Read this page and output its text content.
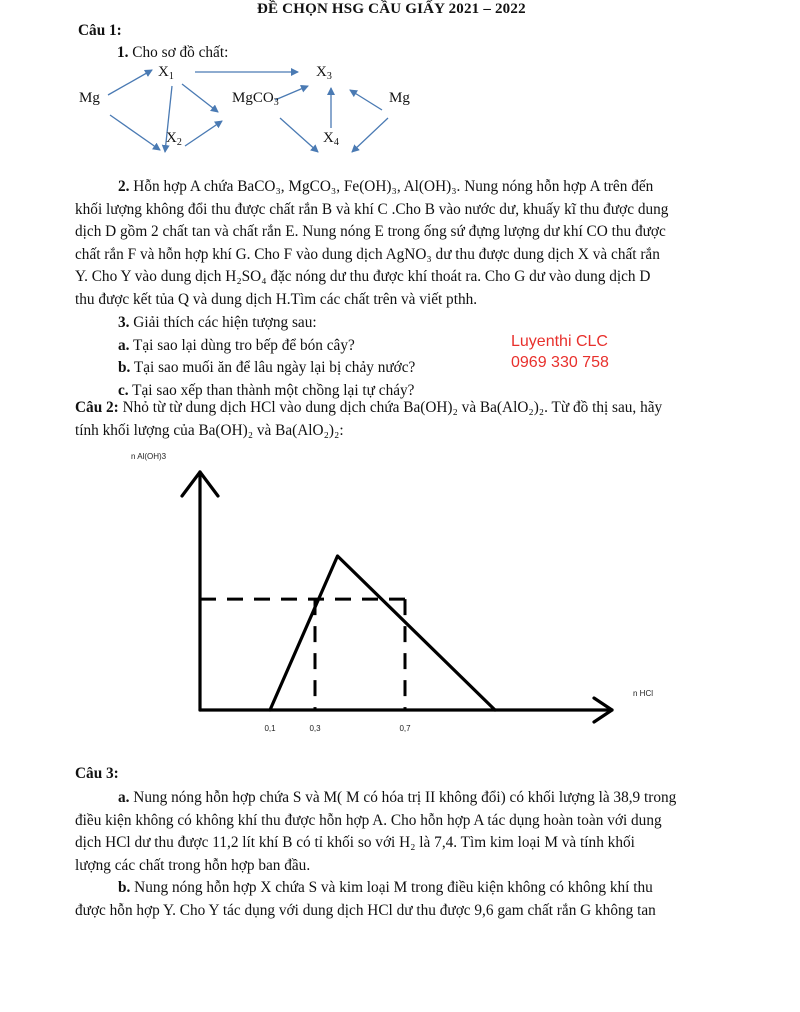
ĐỀ CHỌN HSG CẦU GIẤY 2021 – 2022
Câu 1:
1. Cho sơ đồ chất:
Mg
$X_1$
$X_2$
MgCO$_3$
$X_3$
$X_4$
Mg
2. Hỗn hợp A chứa BaCO₃, MgCO₃, Fe(OH)₃, Al(OH)₃. Nung nóng hỗn hợp A trên đến
khối lượng không đổi thu được chất rắn B và khí C .Cho B vào nước dư, khuấy kĩ thu được dung
dịch D gồm 2 chất tan và chất rắn E. Nung nóng E trong ống sứ đựng lượng dư khí CO thu được
chất rắn F và hỗn hợp khí G. Cho F vào dung dịch AgNO₃ dư thu được dung dịch X và chất rắn
Y. Cho Y vào dung dịch H₂SO₄ đặc nóng dư thu được khí thoát ra. Cho G dư vào dung dịch D
thu được kết tủa Q và dung dịch H.Tìm các chất trên và viết pthh.
3. Giải thích các hiện tượng sau:
a. Tại sao lại dùng tro bếp để bón cây?
b. Tại sao muối ăn để lâu ngày lại bị chảy nước?
c. Tại sao xếp than thành một chồng lại tự cháy?
Luyenthi CLC
0969 330 758
Câu 2: Nhỏ từ từ dung dịch HCl vào dung dịch chứa Ba(OH)₂ và Ba(AlO₂)₂. Từ đồ thị sau, hãy
tính khối lượng của Ba(OH)₂ và Ba(AlO₂)₂:
0,1	0,3	0,7
n Al(OH)3
n HCl
Câu 3:
a. Nung nóng hỗn hợp chứa S và M( M có hóa trị II không đổi) có khối lượng là 38,9 trong
điều kiện không có không khí thu được hỗn hợp A. Cho hỗn hợp A tác dụng hoàn toàn với dung
dịch HCl dư thu được 11,2 lít khí B có tỉ khối so với H₂ là 7,4. Tìm kim loại M và tính khối
lượng các chất trong hỗn hợp ban đầu.
b. Nung nóng hỗn hợp X chứa S và kim loại M trong điều kiện không có không khí thu
được hỗn hợp Y. Cho Y tác dụng với dung dịch HCl dư thu được 9,6 gam chất rắn G không tan
